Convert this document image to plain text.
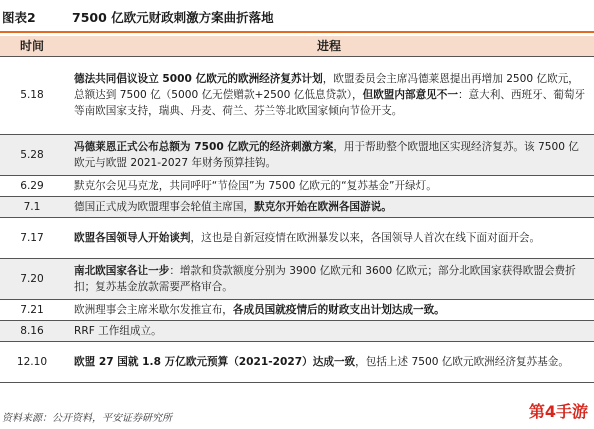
图表2	7500 亿欧元财政刺激方案曲折落地
时间	进程
5.18	德法共同倡议设立 5000 亿欧元的欧洲经济复苏计划，欧盟委员会主席冯德莱恩提出再增加 2500 亿欧元，总额达到 7500 亿（5000 亿无偿赠款+2500 亿低息贷款），但欧盟内部意见不一：意大利、西班牙、葡萄牙等南欧国家支持，瑞典、丹麦、荷兰、芬兰等北欧国家倾向节俭开支。
5.28	冯德莱恩正式公布总额为 7500 亿欧元的经济刺激方案，用于帮助整个欧盟地区实现经济复苏。该 7500 亿欧元与欧盟 2021-2027 年财务预算挂钩。
6.29	默克尔会见马克龙，共同呼吁“节俭国”为 7500 亿欧元的“复苏基金”开绿灯。
7.1	德国正式成为欧盟理事会轮值主席国，默克尔开始在欧洲各国游说。
7.17	欧盟各国领导人开始谈判，这也是自新冠疫情在欧洲暴发以来，各国领导人首次在线下面对面开会。
7.20	南北欧国家各让一步：增款和贷款额度分别为 3900 亿欧元和 3600 亿欧元；部分北欧国家获得欧盟会费折扣；复苏基金放款需要严格审合。
7.21	欧洲理事会主席米歇尔发推宣布，各成员国就疫情后的财政支出计划达成一致。
8.16	RRF 工作组成立。
12.10	欧盟 27 国就 1.8 万亿欧元预算（2021-2027）达成一致，包括上述 7500 亿欧元欧洲经济复苏基金。
资料来源：公开资料，平安证券研究所	第4手游
